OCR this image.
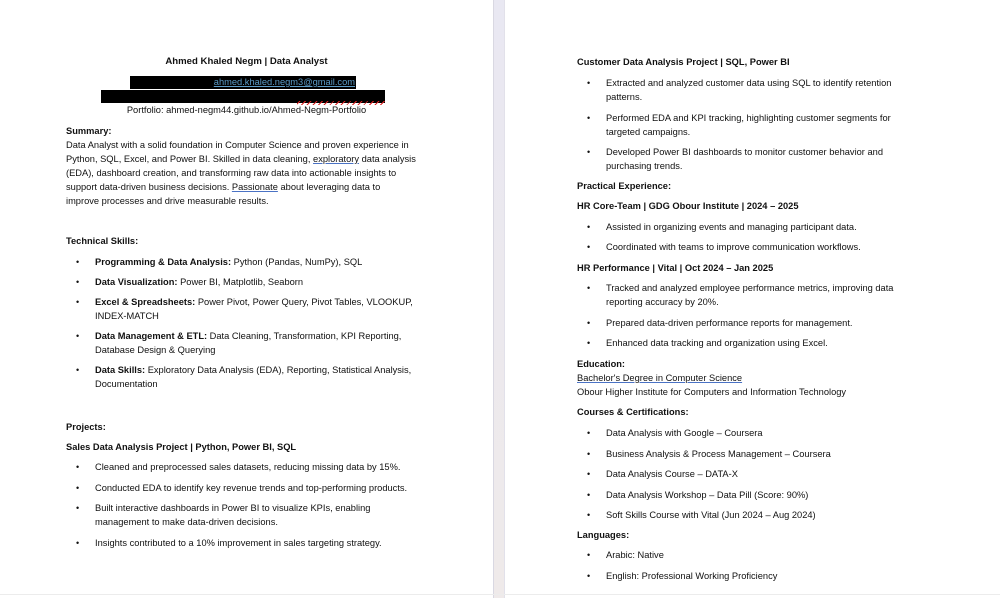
Ahmed Khaled Negm | Data Analyst
ahmed.khaled.negm3@gmail.com
Portfolio: ahmed-negm44.github.io/Ahmed-Negm-Portfolio
Summary:
Data Analyst with a solid foundation in Computer Science and proven experience in
Python, SQL, Excel, and Power BI. Skilled in data cleaning, exploratory data analysis
(EDA), dashboard creation, and transforming raw data into actionable insights to
support data-driven business decisions. Passionate about leveraging data to
improve processes and drive measurable results.
Technical Skills:
• Programming & Data Analysis: Python (Pandas, NumPy), SQL
• Data Visualization: Power BI, Matplotlib, Seaborn
• Excel & Spreadsheets: Power Pivot, Power Query, Pivot Tables, VLOOKUP,
INDEX-MATCH
• Data Management & ETL: Data Cleaning, Transformation, KPI Reporting,
Database Design & Querying
• Data Skills: Exploratory Data Analysis (EDA), Reporting, Statistical Analysis,
Documentation
Projects:
Sales Data Analysis Project | Python, Power BI, SQL
• Cleaned and preprocessed sales datasets, reducing missing data by 15%.
• Conducted EDA to identify key revenue trends and top-performing products.
• Built interactive dashboards in Power BI to visualize KPIs, enabling
management to make data-driven decisions.
• Insights contributed to a 10% improvement in sales targeting strategy.
Customer Data Analysis Project | SQL, Power BI
• Extracted and analyzed customer data using SQL to identify retention
patterns.
• Performed EDA and KPI tracking, highlighting customer segments for
targeted campaigns.
• Developed Power BI dashboards to monitor customer behavior and
purchasing trends.
Practical Experience:
HR Core-Team | GDG Obour Institute | 2024 – 2025
• Assisted in organizing events and managing participant data.
• Coordinated with teams to improve communication workflows.
HR Performance | Vital | Oct 2024 – Jan 2025
• Tracked and analyzed employee performance metrics, improving data
reporting accuracy by 20%.
• Prepared data-driven performance reports for management.
• Enhanced data tracking and organization using Excel.
Education:
Bachelor's Degree in Computer Science
Obour Higher Institute for Computers and Information Technology
Courses & Certifications:
• Data Analysis with Google – Coursera
• Business Analysis & Process Management – Coursera
• Data Analysis Course – DATA-X
• Data Analysis Workshop – Data Pill (Score: 90%)
• Soft Skills Course with Vital (Jun 2024 – Aug 2024)
Languages:
• Arabic: Native
• English: Professional Working Proficiency
